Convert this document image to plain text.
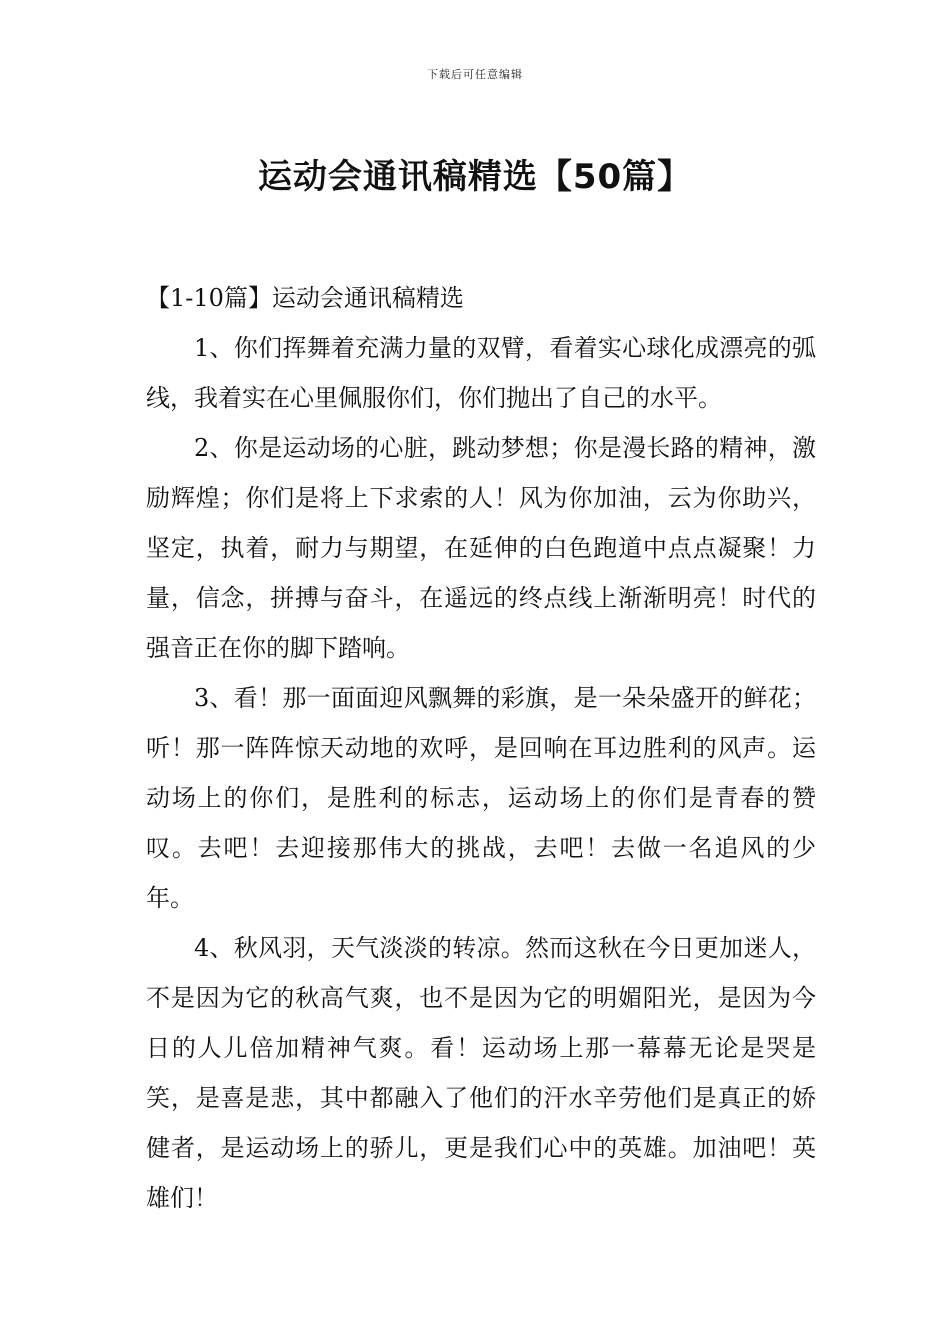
下载后可任意编辑
运动会通讯稿精选【50篇】

【1-10篇】运动会通讯稿精选

1、你们挥舞着充满力量的双臂，看着实心球化成漂亮的弧线，我着实在心里佩服你们，你们抛出了自己的水平。

2、你是运动场的心脏，跳动梦想；你是漫长路的精神，激励辉煌；你们是将上下求索的人！风为你加油，云为你助兴，坚定，执着，耐力与期望，在延伸的白色跑道中点点凝聚！力量，信念，拼搏与奋斗，在遥远的终点线上渐渐明亮！时代的强音正在你的脚下踏响。

3、看！那一面面迎风飘舞的彩旗，是一朵朵盛开的鲜花；听！那一阵阵惊天动地的欢呼，是回响在耳边胜利的风声。运动场上的你们，是胜利的标志，运动场上的你们是青春的赞叹。去吧！去迎接那伟大的挑战，去吧！去做一名追风的少年。

4、秋风羽，天气淡淡的转凉。然而这秋在今日更加迷人，不是因为它的秋高气爽，也不是因为它的明媚阳光，是因为今日的人儿倍加精神气爽。看！运动场上那一幕幕无论是哭是笑，是喜是悲，其中都融入了他们的汗水辛劳他们是真正的娇健者，是运动场上的骄儿，更是我们心中的英雄。加油吧！英雄们！
